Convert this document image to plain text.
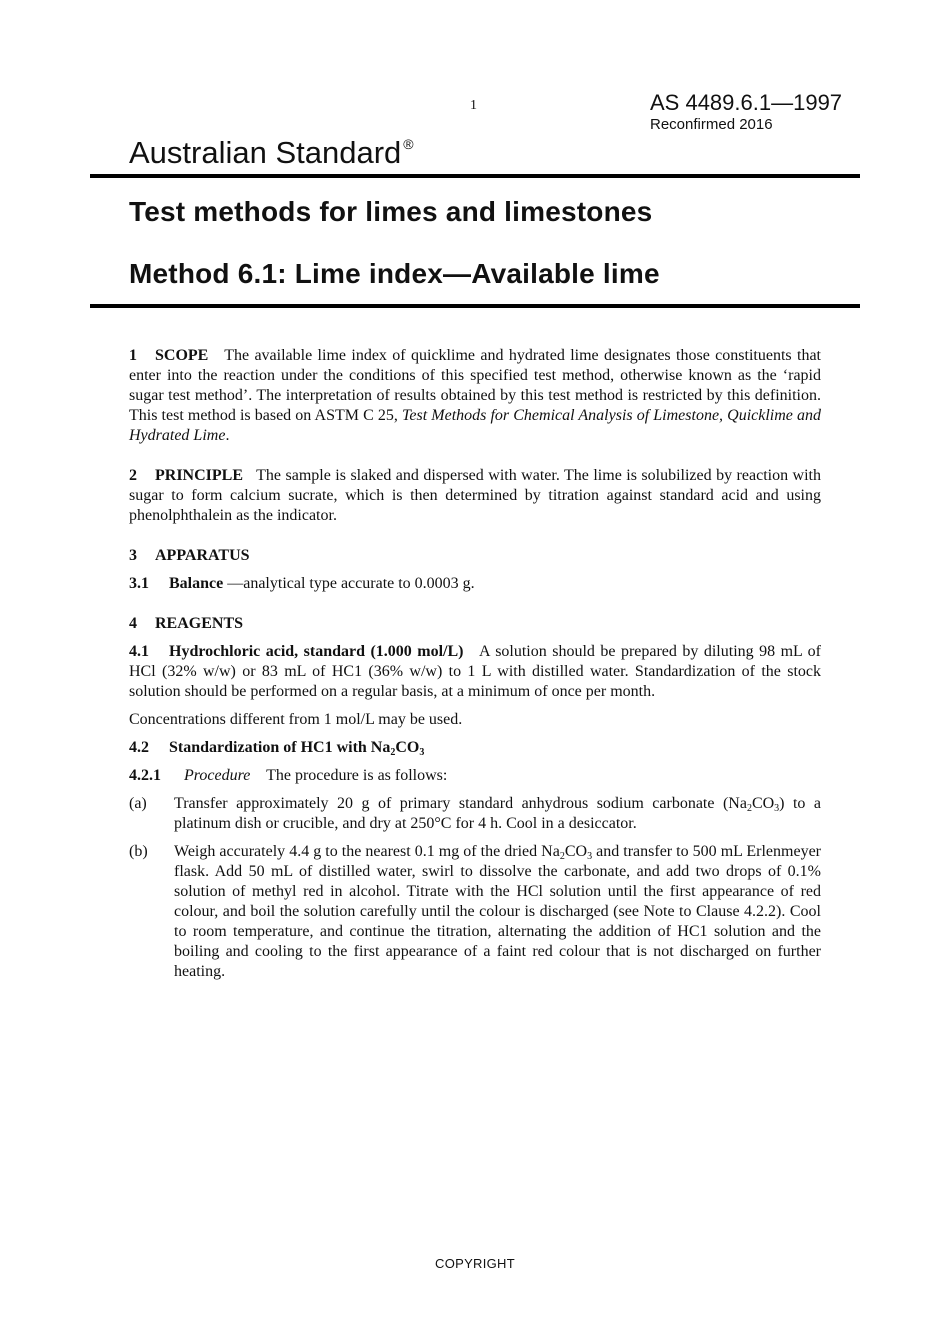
1	AS 4489.6.1—1997
Reconfirmed 2016
Australian Standard ®
Test methods for limes and limestones
Method 6.1: Lime index—Available lime

1 SCOPE The available lime index of quicklime and hydrated lime designates those constituents that enter into the reaction under the conditions of this specified test method, otherwise known as the ‘rapid sugar test method’. The interpretation of results obtained by this test method is restricted by this definition. This test method is based on ASTM C 25, Test Methods for Chemical Analysis of Limestone, Quicklime and Hydrated Lime.

2 PRINCIPLE The sample is slaked and dispersed with water. The lime is solubilized by reaction with sugar to form calcium sucrate, which is then determined by titration against standard acid and using phenolphthalein as the indicator.

3 APPARATUS

3.1 Balance —analytical type accurate to 0.0003 g.

4 REAGENTS

4.1 Hydrochloric acid, standard (1.000 mol/L) A solution should be prepared by diluting 98 mL of HCl (32% w/w) or 83 mL of HC1 (36% w/w) to 1 L with distilled water. Standardization of the stock solution should be performed on a regular basis, at a minimum of once per month.

Concentrations different from 1 mol/L may be used.

4.2 Standardization of HC1 with $Na_2CO_3$

4.2.1 Procedure The procedure is as follows:

(a)	Transfer approximately 20 g of primary standard anhydrous sodium carbonate $(Na_2CO_3)$ to a platinum dish or crucible, and dry at 250°C for 4 h. Cool in a desiccator.
(b)	Weigh accurately 4.4 g to the nearest 0.1 mg of the dried $Na_2CO_3$ and transfer to 500 mL Erlenmeyer flask. Add 50 mL of distilled water, swirl to dissolve the carbonate, and add two drops of 0.1% solution of methyl red in alcohol. Titrate with the HCl solution until the first appearance of red colour, and boil the solution carefully until the colour is discharged (see Note to Clause 4.2.2). Cool to room temperature, and continue the titration, alternating the addition of HC1 solution and the boiling and cooling to the first appearance of a faint red colour that is not discharged on further heating.
COPYRIGHT
